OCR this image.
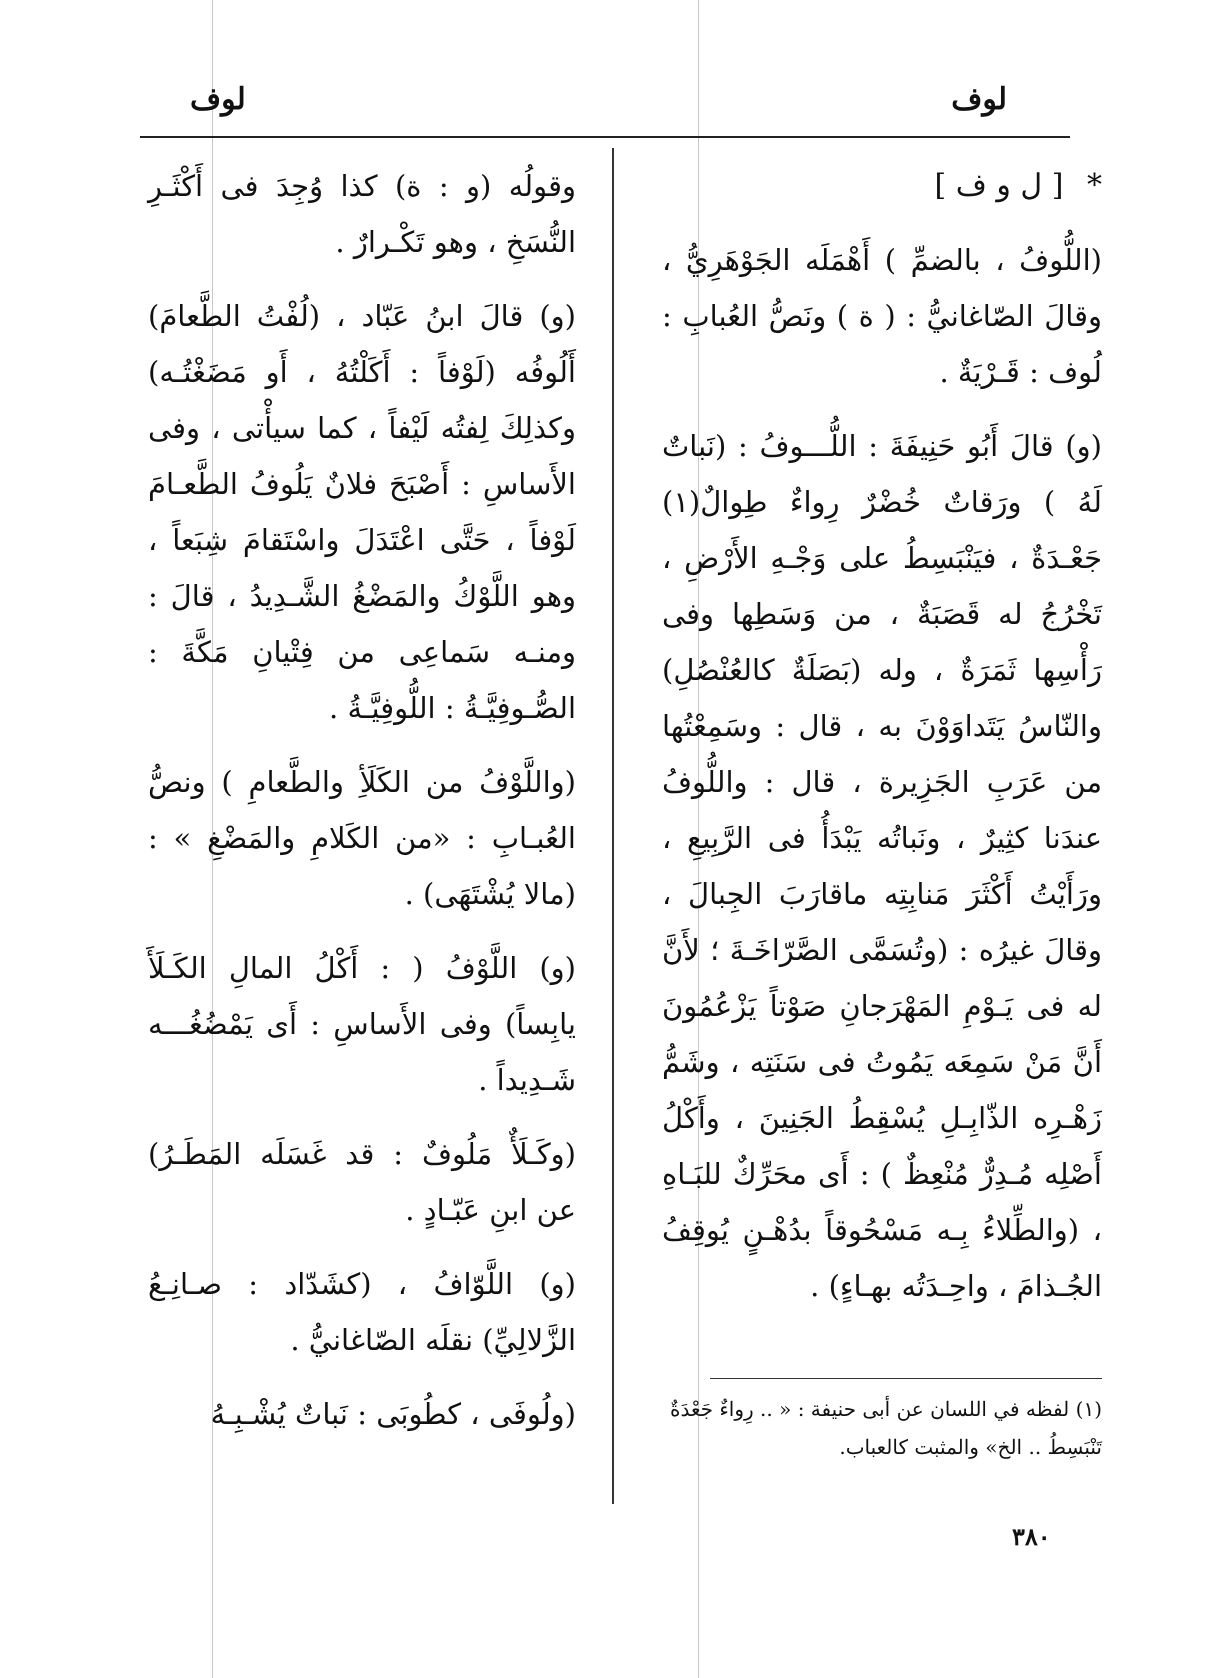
لوف
لوف
* [ ل و ف ]

(اللُّوفُ ، بالضمِّ ) أَهْمَلَه الجَوْهَرِيُّ ، وقالَ الصّاغانيُّ : ( ة ) ونَصُّ العُبابِ : لُوف : قَـرْيَةٌ .

(و) قالَ أَبُو حَنِيفَةَ : اللُّـــوفُ : (نَباتٌ لَهُ ) ورَقاتٌ خُضْرٌ رِواءٌ طِوالٌ(١) جَعْـدَةٌ ، فيَنْبَسِطُ على وَجْـهِ الأَرْضِ ، تَخْرُجُ له قَصَبَةٌ ، من وَسَطِها وفى رَأْسِها ثَمَرَةٌ ، وله (بَصَلَةٌ كالعُنْصُلِ) والنّاسُ يَتَداوَوْنَ به ، قال : وسَمِعْتُها من عَرَبِ الجَزِيرة ، قال : واللُّوفُ عندَنا كثِيرٌ ، ونَباتُه يَبْدَأُ فى الرَّبِيعِ ، ورَأَيْتُ أَكْثَرَ مَنابِتِه ماقارَبَ الجِبالَ ، وقالَ غيرُه : (وتُسَمَّى الصَّرّاخَـةَ ؛ لأَنَّ له فى يَـوْمِ المَهْرَجانِ صَوْتاً يَزْعُمُونَ أَنَّ مَنْ سَمِعَه يَمُوتُ فى سَنَتِه ، وشَمُّ زَهْـرِه الذّابِـلِ يُسْقِطُ الجَنِينَ ، وأَكْلُ أَصْلِه مُـدِرٌّ مُنْعِظٌ ) : أَى محَرِّكٌ للبَـاهِ ، (والطِّلاءُ بِـه مَسْحُوقاً بدُهْـنٍ يُوقِفُ الجُـذامَ ، واحِـدَتُه بهـاءٍ) .

وقولُه (و : ة) كذا وُجِدَ فى أَكْثَـرِ النُّسَخِ ، وهو تَكْـرارٌ .

(و) قالَ ابنُ عَبّاد ، (لُفْتُ الطَّعامَ) أَلُوفُه (لَوْفاً : أَكَلْتُهُ ، أَو مَضَغْتُـه) وكذلِكَ لِفتُه لَيْفاً ، كما سيأْتى ، وفى الأَساسِ : أَصْبَحَ فلانٌ يَلُوفُ الطَّعـامَ لَوْفاً ، حَتَّى اعْتَدَلَ واسْتَقامَ شِبَعاً ، وهو اللَّوْكُ والمَضْغُ الشَّـدِيدُ ، قالَ : ومنـه سَماعِى من فِتْيانِ مَكَّةَ : الصُّـوفِيَّـةُ : اللُّوفِيَّـةُ .

(واللَّوْفُ من الكَلَأِ والطَّعامِ ) ونصُّ العُبـابِ : «من الكَلامِ والمَضْغِ » : (مالا يُشْتَهَى) .

(و) اللَّوْفُ ( : أَكْلُ المالِ الكَـلَأَ يابِساً) وفى الأَساسِ : أَى يَمْضُغُـــه شَـدِيداً .

(وكَـلَأٌ مَلُوفٌ : قد غَسَلَه المَطَـرُ) عن ابنِ عَبّـادٍ .

(و) اللَّوّافُ ، (كشَدّاد : صـانِـعُ الزَّلالِيِّ) نقلَه الصّاغانيُّ .

(ولُوفَى ، كطُوبَى : نَباتٌ يُشْـبِـهُ	(١) لفظه في اللسان عن أبى حنيفة : « .. رِواءٌ جَعْدَةٌ تَنْبَسِطُ .. الخ» والمثبت كالعباب.
٣٨٠
